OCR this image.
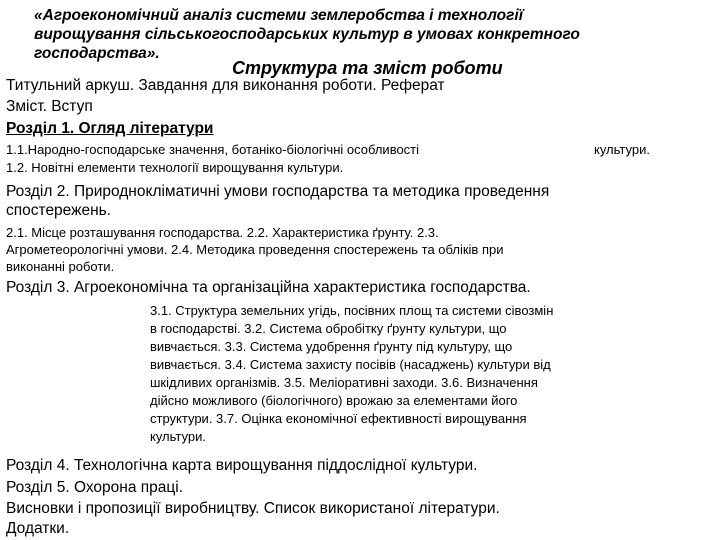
«Агроекономічний аналіз системи землеробства і технології
вирощування сільськогосподарських культур в умовах конкретного
господарства».
Структура та зміст роботи
Титульний аркуш. Завдання для виконання роботи. Реферат
Зміст. Вступ
Розділ 1. Огляд літератури
1.1.Народно-господарське значення, ботаніко-біологічні особливості	культури.
1.2. Новітні елементи технології вирощування культури.
Розділ 2. Природнокліматичні умови господарства та методика проведення
спостережень.
2.1. Місце розташування господарства. 2.2. Характеристика ґрунту. 2.3.
Агрометеорологічні умови. 2.4. Методика проведення спостережень та обліків при
виконанні роботи.
Розділ 3. Агроекономічна та організаційна характеристика господарства.
3.1. Структура земельних угідь, посівних площ та системи сівозмін
в господарстві. 3.2. Система обробітку ґрунту культури, що
вивчається. 3.3. Система удобрення ґрунту під культуру, що
вивчається. 3.4. Система захисту посівів (насаджень) культури від
шкідливих організмів. 3.5. Меліоративні заходи. 3.6. Визначення
дійсно можливого (біологічного) врожаю за елементами його
структури. 3.7. Оцінка економічної ефективності вирощування
культури.
Розділ 4. Технологічна карта вирощування піддослідної культури.
Розділ 5. Охорона праці.
Висновки і пропозиції виробництву. Список використаної літератури.
Додатки.
